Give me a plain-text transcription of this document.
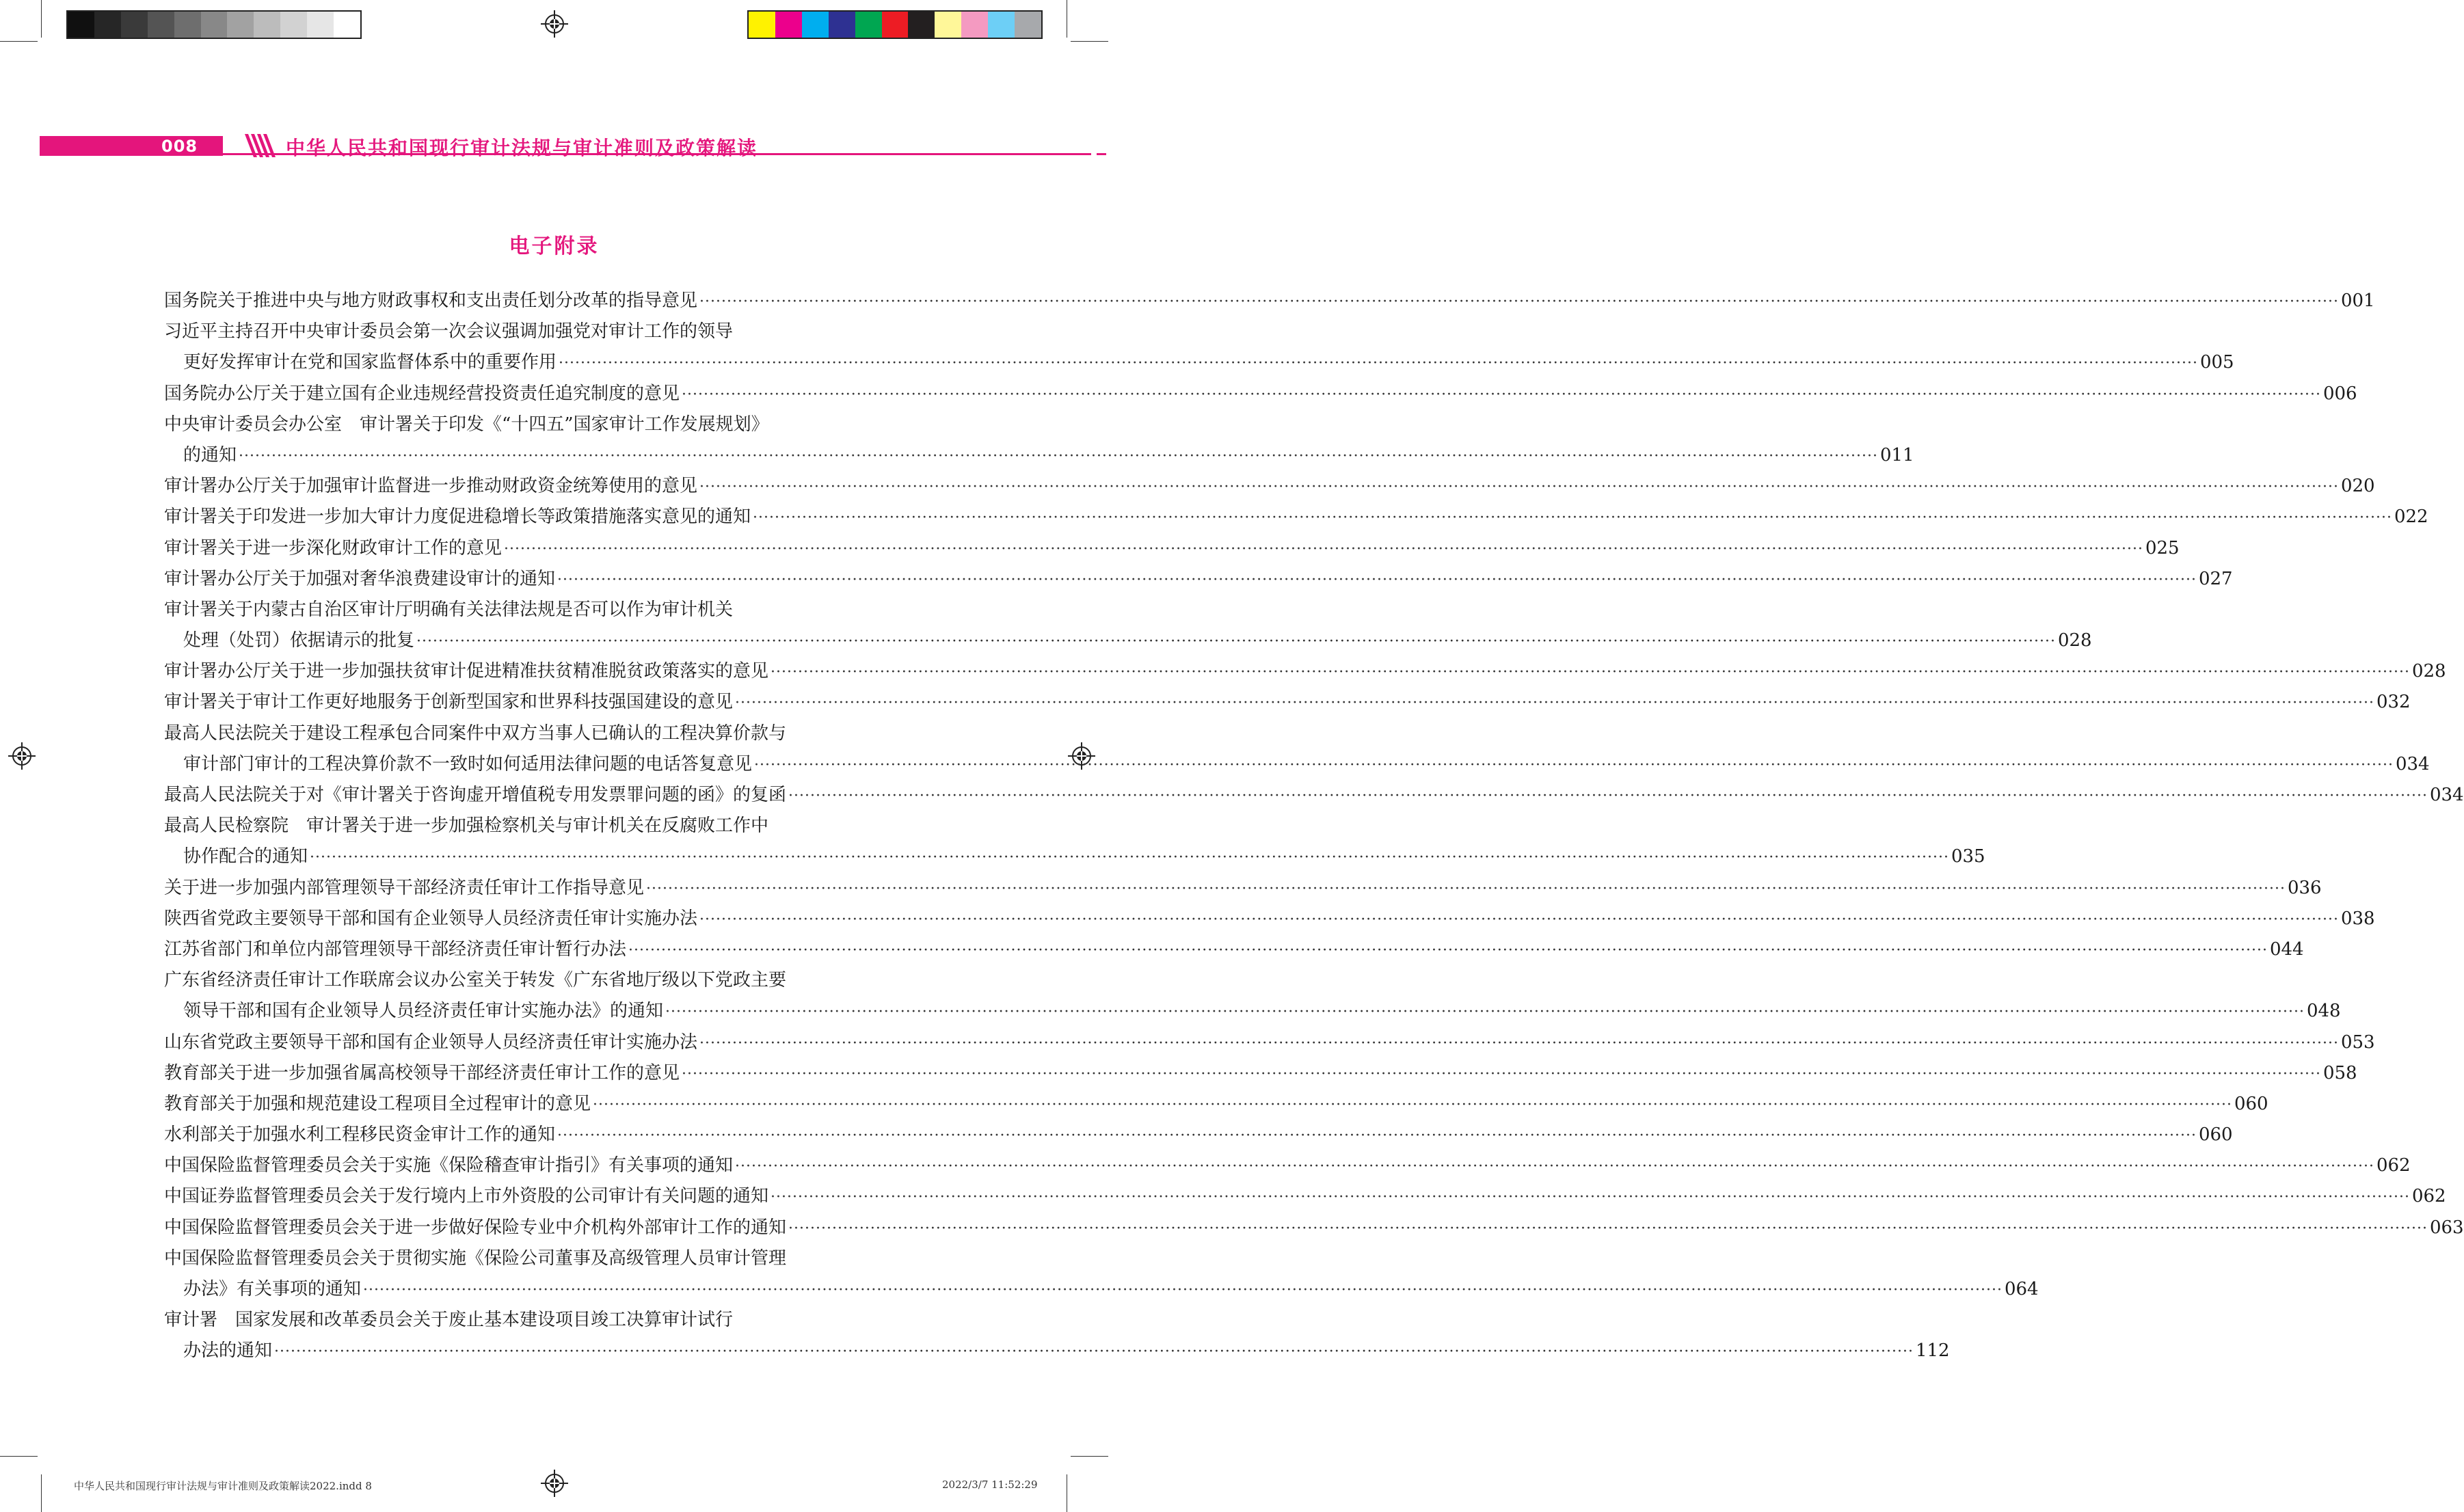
008	中华人民共和国现行审计法规与审计准则及政策解读
电子附录
国务院关于推进中央与地方财政事权和支出责任划分改革的指导意见 ············································································································································································································································································································ 001
习近平主持召开中央审计委员会第一次会议强调加强党对审计工作的领导
更好发挥审计在党和国家监督体系中的重要作用 ············································································································································································································································································································ 005
国务院办公厅关于建立国有企业违规经营投资责任追究制度的意见 ············································································································································································································································································································ 006
中央审计委员会办公室　审计署关于印发《“十四五”国家审计工作发展规划》
的通知 ············································································································································································································································································································ 011
审计署办公厅关于加强审计监督进一步推动财政资金统筹使用的意见 ············································································································································································································································································································ 020
审计署关于印发进一步加大审计力度促进稳增长等政策措施落实意见的通知 ············································································································································································································································································································ 022
审计署关于进一步深化财政审计工作的意见 ············································································································································································································································································································ 025
审计署办公厅关于加强对奢华浪费建设审计的通知 ············································································································································································································································································································ 027
审计署关于内蒙古自治区审计厅明确有关法律法规是否可以作为审计机关
处理（处罚）依据请示的批复 ············································································································································································································································································································ 028
审计署办公厅关于进一步加强扶贫审计促进精准扶贫精准脱贫政策落实的意见 ············································································································································································································································································································ 028
审计署关于审计工作更好地服务于创新型国家和世界科技强国建设的意见 ············································································································································································································································································································ 032
最高人民法院关于建设工程承包合同案件中双方当事人已确认的工程决算价款与
审计部门审计的工程决算价款不一致时如何适用法律问题的电话答复意见 ············································································································································································································································································································ 034
最高人民法院关于对《审计署关于咨询虚开增值税专用发票罪问题的函》的复函 ············································································································································································································································································································ 034
最高人民检察院　审计署关于进一步加强检察机关与审计机关在反腐败工作中
协作配合的通知 ············································································································································································································································································································ 035
关于进一步加强内部管理领导干部经济责任审计工作指导意见 ············································································································································································································································································································ 036
陕西省党政主要领导干部和国有企业领导人员经济责任审计实施办法 ············································································································································································································································································································ 038
江苏省部门和单位内部管理领导干部经济责任审计暂行办法 ············································································································································································································································································································ 044
广东省经济责任审计工作联席会议办公室关于转发《广东省地厅级以下党政主要
领导干部和国有企业领导人员经济责任审计实施办法》的通知 ············································································································································································································································································································ 048
山东省党政主要领导干部和国有企业领导人员经济责任审计实施办法 ············································································································································································································································································································ 053
教育部关于进一步加强省属高校领导干部经济责任审计工作的意见 ············································································································································································································································································································ 058
教育部关于加强和规范建设工程项目全过程审计的意见 ············································································································································································································································································································ 060
水利部关于加强水利工程移民资金审计工作的通知 ············································································································································································································································································································ 060
中国保险监督管理委员会关于实施《保险稽查审计指引》有关事项的通知 ············································································································································································································································································································ 062
中国证券监督管理委员会关于发行境内上市外资股的公司审计有关问题的通知 ············································································································································································································································································································ 062
中国保险监督管理委员会关于进一步做好保险专业中介机构外部审计工作的通知 ············································································································································································································································································································ 063
中国保险监督管理委员会关于贯彻实施《保险公司董事及高级管理人员审计管理
办法》有关事项的通知 ············································································································································································································································································································ 064
审计署　国家发展和改革委员会关于废止基本建设项目竣工决算审计试行
办法的通知 ············································································································································································································································································································ 112
中华人民共和国现行审计法规与审计准则及政策解读2022.indd 8	2022/3/7 11:52:29
